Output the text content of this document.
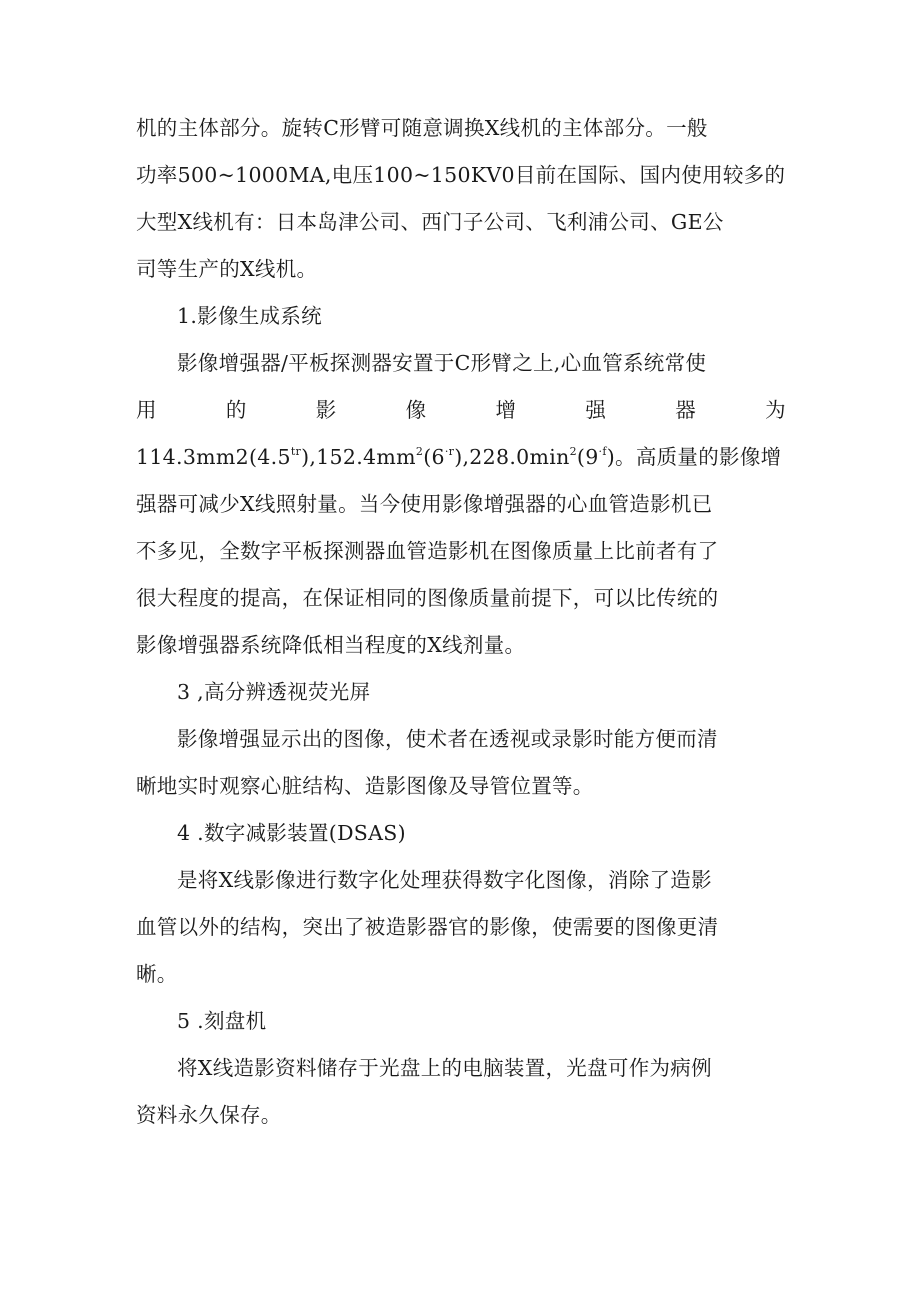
机的主体部分。旋转C形臂可随意调换X线机的主体部分。一般
功率500~1000MA,电压100~150KV0目前在国际、国内使用较多的
大型X线机有：日本岛津公司、西门子公司、飞利浦公司、GE公
司等生产的X线机。
1.影像生成系统
影像增强器/平板探测器安置于C形臂之上,心血管系统常使
用	的	影	像	增	强	器	为
$114.3mm2(4.5^{tr}),152.4mm^2(6^{\cdot r}),228.0\min^2(9^{\cdot f})$。高质量的影像增
强器可减少X线照射量。当今使用影像增强器的心血管造影机已
不多见，全数字平板探测器血管造影机在图像质量上比前者有了
很大程度的提高，在保证相同的图像质量前提下，可以比传统的
影像增强器系统降低相当程度的X线剂量。
3 ,高分辨透视荧光屏
影像增强显示出的图像，使术者在透视或录影时能方便而清
晰地实时观察心脏结构、造影图像及导管位置等。
4 .数字减影装置(DSAS)
是将X线影像进行数字化处理获得数字化图像，消除了造影
血管以外的结构，突出了被造影器官的影像，使需要的图像更清
晰。
5 .刻盘机
将X线造影资料储存于光盘上的电脑装置，光盘可作为病例
资料永久保存。
